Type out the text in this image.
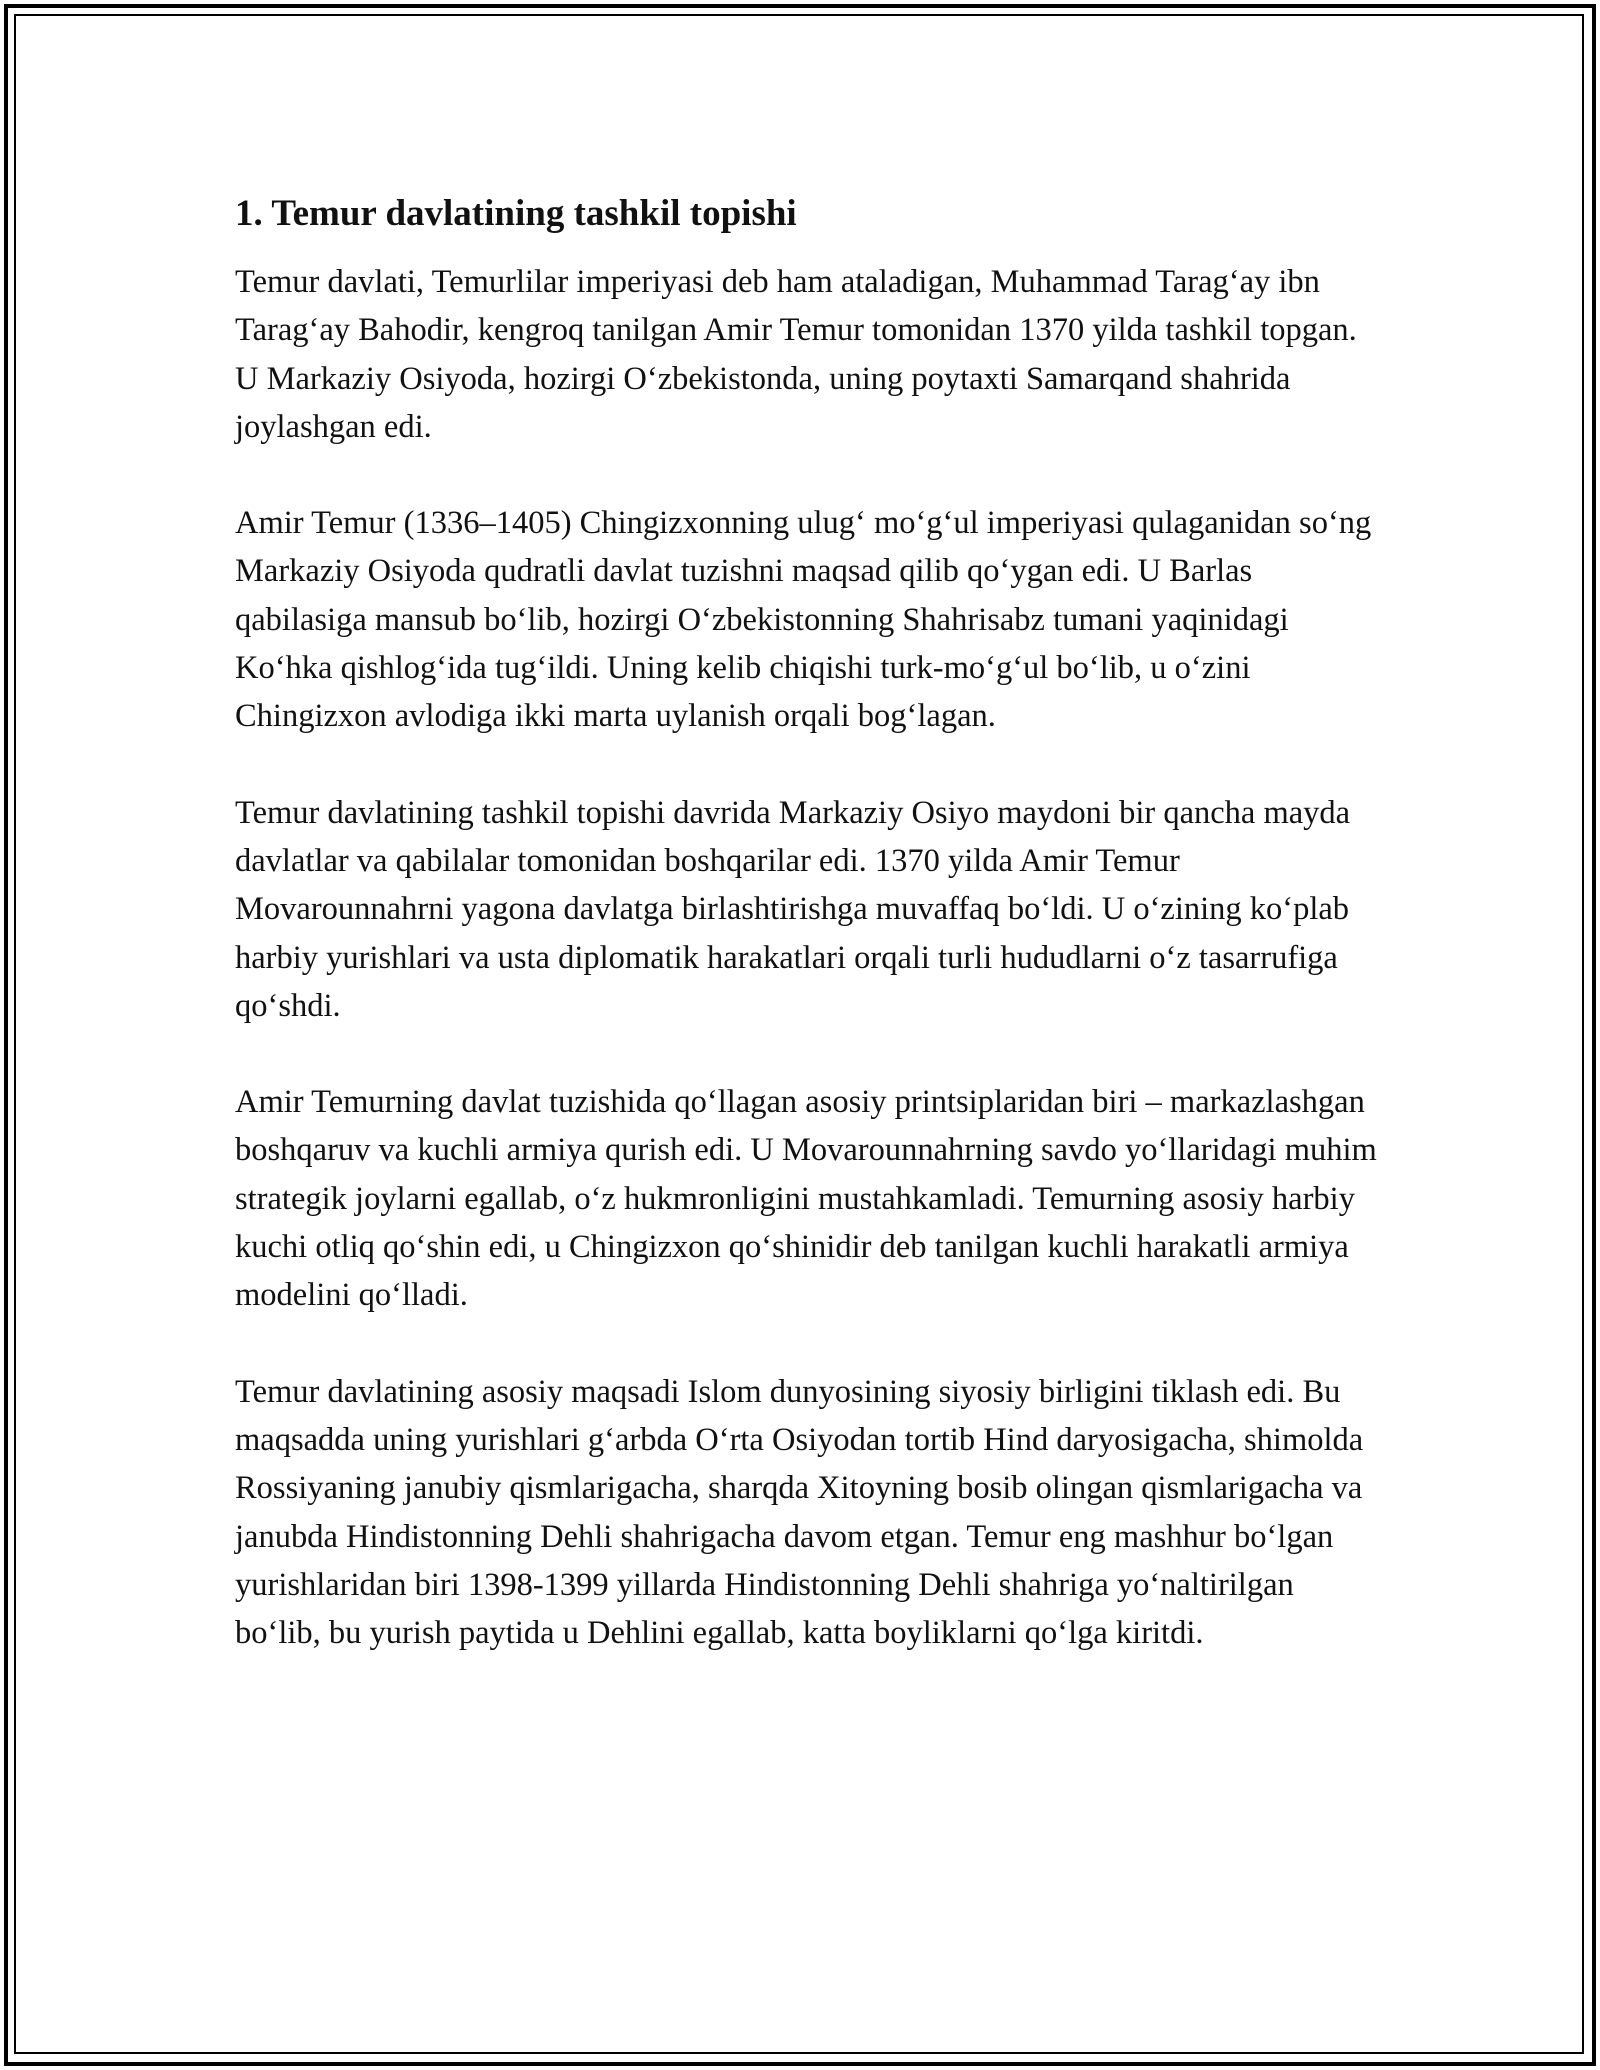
1. Temur davlatining tashkil topishi

Temur davlati, Temurlilar imperiyasi deb ham ataladigan, Muhammad Tarag‘ay ibn Tarag‘ay Bahodir, kengroq tanilgan Amir Temur tomonidan 1370 yilda tashkil topgan. U Markaziy Osiyoda, hozirgi O‘zbekistonda, uning poytaxti Samarqand shahrida joylashgan edi.

Amir Temur (1336–1405) Chingizxonning ulug‘ mo‘g‘ul imperiyasi qulaganidan so‘ng Markaziy Osiyoda qudratli davlat tuzishni maqsad qilib qo‘ygan edi. U Barlas qabilasiga mansub bo‘lib, hozirgi O‘zbekistonning Shahrisabz tumani yaqinidagi Ko‘hka qishlog‘ida tug‘ildi. Uning kelib chiqishi turk-mo‘g‘ul bo‘lib, u o‘zini Chingizxon avlodiga ikki marta uylanish orqali bog‘lagan.

Temur davlatining tashkil topishi davrida Markaziy Osiyo maydoni bir qancha mayda davlatlar va qabilalar tomonidan boshqarilar edi. 1370 yilda Amir Temur Movarounnahrni yagona davlatga birlashtirishga muvaffaq bo‘ldi. U o‘zining ko‘plab harbiy yurishlari va usta diplomatik harakatlari orqali turli hududlarni o‘z tasarrufiga qo‘shdi.

Amir Temurning davlat tuzishida qo‘llagan asosiy printsiplaridan biri – markazlashgan boshqaruv va kuchli armiya qurish edi. U Movarounnahrning savdo yo‘llaridagi muhim strategik joylarni egallab, o‘z hukmronligini mustahkamladi. Temurning asosiy harbiy kuchi otliq qo‘shin edi, u Chingizxon qo‘shinidir deb tanilgan kuchli harakatli armiya modelini qo‘lladi.

Temur davlatining asosiy maqsadi Islom dunyosining siyosiy birligini tiklash edi. Bu maqsadda uning yurishlari g‘arbda O‘rta Osiyodan tortib Hind daryosigacha, shimolda Rossiyaning janubiy qismlarigacha, sharqda Xitoyning bosib olingan qismlarigacha va janubda Hindistonning Dehli shahrigacha davom etgan. Temur eng mashhur bo‘lgan yurishlaridan biri 1398-1399 yillarda Hindistonning Dehli shahriga yo‘naltirilgan bo‘lib, bu yurish paytida u Dehlini egallab, katta boyliklarni qo‘lga kiritdi.
